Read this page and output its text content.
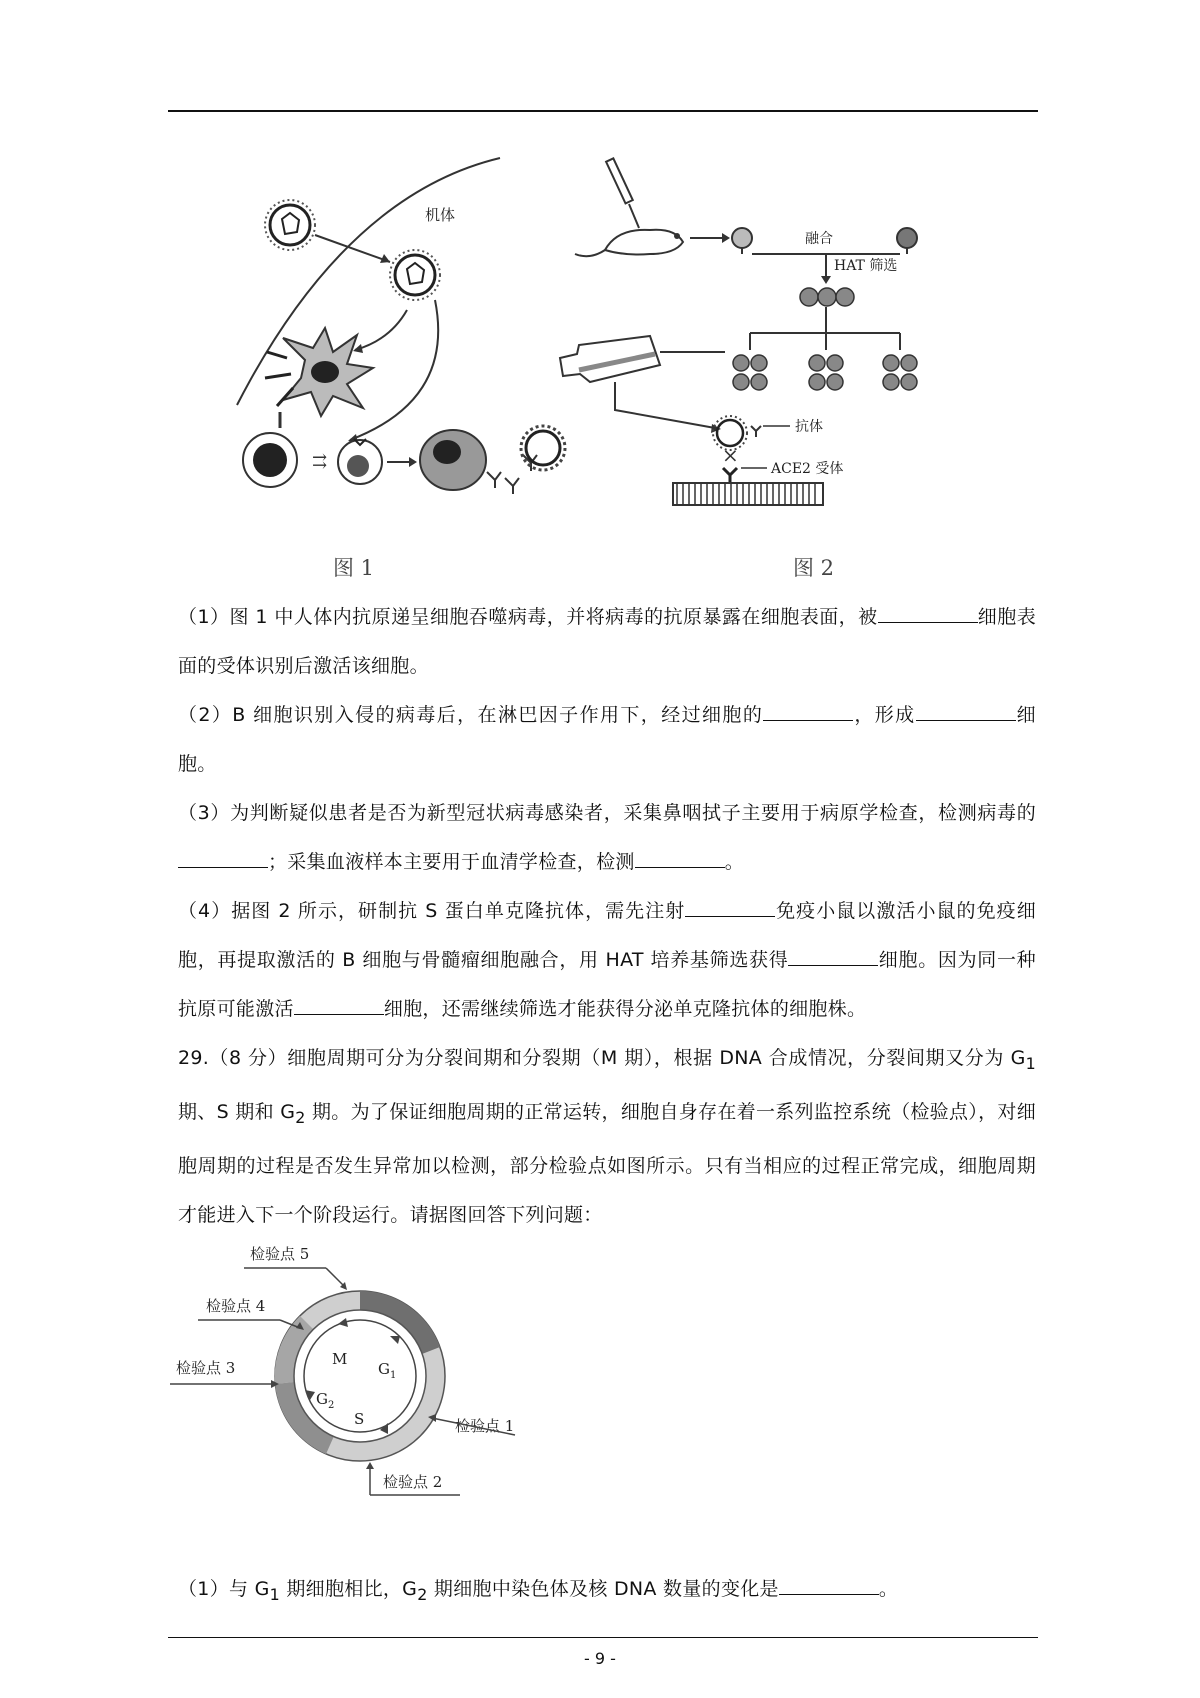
机体
⇉
图 1
融合
HAT 筛选
抗体
×
ACE2 受体
图 2

（1）图 1 中人体内抗原递呈细胞吞噬病毒，并将病毒的抗原暴露在细胞表面，被	细胞表面的受体识别后激活该细胞。

（2）B 细胞识别入侵的病毒后，在淋巴因子作用下，经过细胞的	，形成	细胞。

（3）为判断疑似患者是否为新型冠状病毒感染者，采集鼻咽拭子主要用于病原学检查，检测病毒的；采集血液样本主要用于血清学检查，检测	。

（4）据图 2 所示，研制抗 S 蛋白单克隆抗体，需先注射	免疫小鼠以激活小鼠的免疫细胞，再提取激活的 B 细胞与骨髓瘤细胞融合，用 HAT 培养基筛选获得	细胞。因为同一种抗原可能激活	细胞，还需继续筛选才能获得分泌单克隆抗体的细胞株。

29.（8 分）细胞周期可分为分裂间期和分裂期（M 期），根据 DNA 合成情况，分裂间期又分为 $G_1$ 期、S 期和 $G_2$ 期。为了保证细胞周期的正常运转，细胞自身存在着一系列监控系统（检验点），对细胞周期的过程是否发生异常加以检测，部分检验点如图所示。只有当相应的过程正常完成，细胞周期才能进入下一个阶段运行。请据图回答下列问题：

M
$G_1$
$G_2$
S	检验点 1
检验点 2
检验点 3
检验点 4
检验点 5

（1）与 $G_1$ 期细胞相比，$G_2$ 期细胞中染色体及核 DNA 数量的变化是	。

- 9 -
